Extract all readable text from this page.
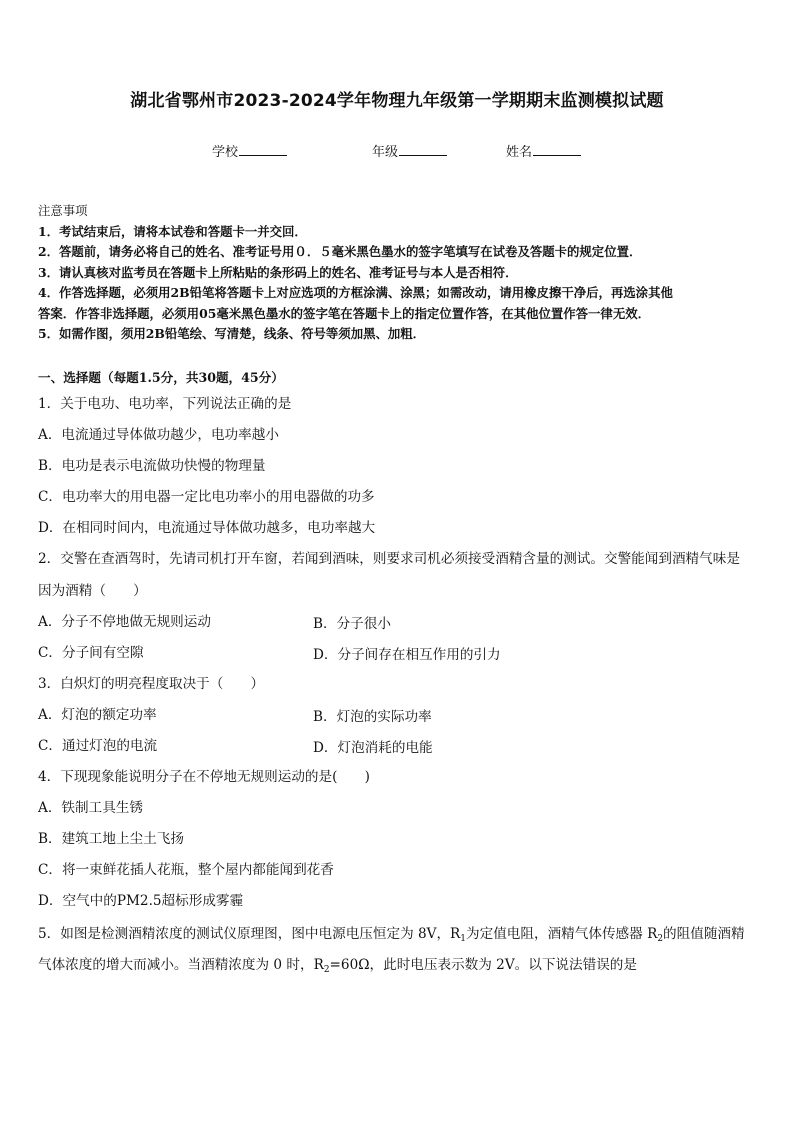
湖北省鄂州市2023-2024学年物理九年级第一学期期末监测模拟试题
学校	年级	姓名
注意事项
1．考试结束后，请将本试卷和答题卡一并交回．
2．答题前，请务必将自己的姓名、准考证号用０．５毫米黑色墨水的签字笔填写在试卷及答题卡的规定位置．
3．请认真核对监考员在答题卡上所粘贴的条形码上的姓名、准考证号与本人是否相符．
4．作答选择题，必须用2B铅笔将答题卡上对应选项的方框涂满、涂黑；如需改动，请用橡皮擦干净后，再选涂其他
答案．作答非选择题，必须用05毫米黑色墨水的签字笔在答题卡上的指定位置作答，在其他位置作答一律无效．
5．如需作图，须用2B铅笔绘、写清楚，线条、符号等须加黑、加粗．
一、选择题（每题1.5分，共30题，45分）
1．关于电功、电功率，下列说法正确的是
A．电流通过导体做功越少，电功率越小
B．电功是表示电流做功快慢的物理量
C．电功率大的用电器一定比电功率小的用电器做的功多
D．在相同时间内，电流通过导体做功越多，电功率越大
2．交警在查酒驾时，先请司机打开车窗，若闻到酒味，则要求司机必须接受酒精含量的测试。交警能闻到酒精气味是
因为酒精（　　）
A．分子不停地做无规则运动	B．分子很小
C．分子间有空隙	D．分子间存在相互作用的引力
3．白炽灯的明亮程度取决于（　　）
A．灯泡的额定功率	B．灯泡的实际功率
C．通过灯泡的电流	D．灯泡消耗的电能
4．下现现象能说明分子在不停地无规则运动的是(　　)
A．铁制工具生锈
B．建筑工地上尘土飞扬
C．将一束鲜花插人花瓶，整个屋内都能闻到花香
D．空气中的PM2.5超标形成雾霾
5．如图是检测酒精浓度的测试仪原理图，图中电源电压恒定为 8V，$R_1$为定值电阻，酒精气体传感器 $R_2$的阻值随酒精
气体浓度的增大而减小。当酒精浓度为 0 时，$R_2=60\Omega$，此时电压表示数为 2V。以下说法错误的是
